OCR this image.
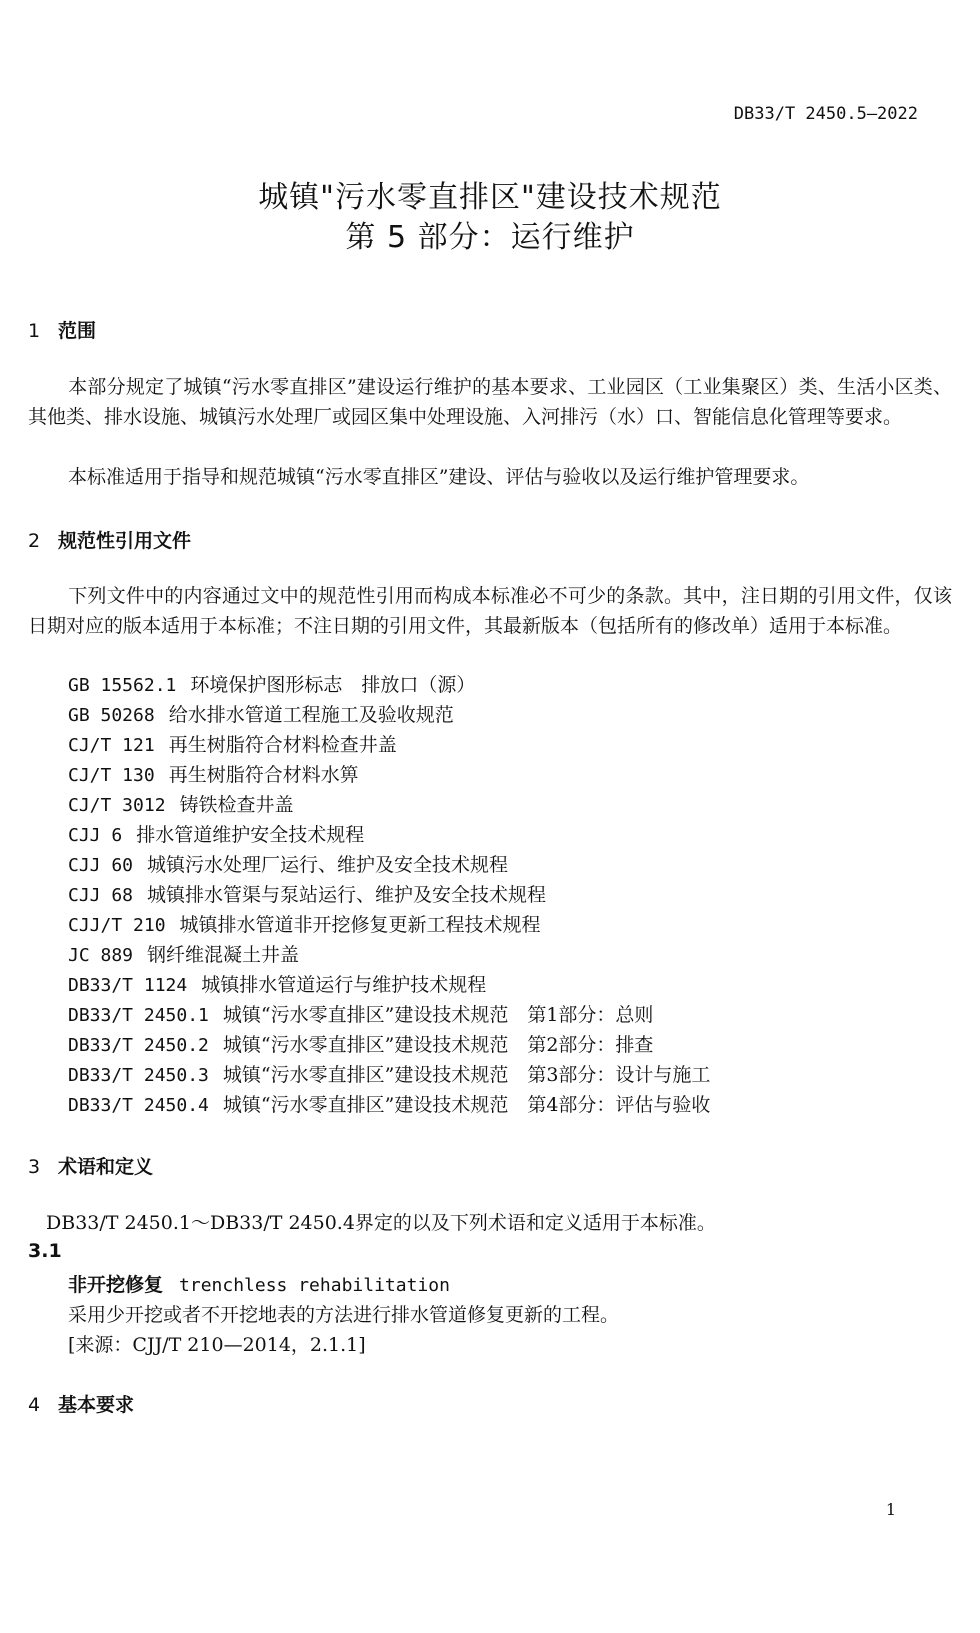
DB33/T 2450.5—2022
城镇"污水零直排区"建设技术规范
第 5 部分：运行维护
1 范围
本部分规定了城镇“污水零直排区”建设运行维护的基本要求、工业园区（工业集聚区）类、生活小区类、其他类、排水设施、城镇污水处理厂或园区集中处理设施、入河排污（水）口、智能信息化管理等要求。
本标准适用于指导和规范城镇“污水零直排区”建设、评估与验收以及运行维护管理要求。
2 规范性引用文件
下列文件中的内容通过文中的规范性引用而构成本标准必不可少的条款。其中，注日期的引用文件，仅该日期对应的版本适用于本标准；不注日期的引用文件，其最新版本（包括所有的修改单）适用于本标准。
GB 15562.1 环境保护图形标志　排放口（源）
GB 50268 给水排水管道工程施工及验收规范
CJ/T 121 再生树脂符合材料检查井盖
CJ/T 130 再生树脂符合材料水箅
CJ/T 3012 铸铁检查井盖
CJJ 6 排水管道维护安全技术规程
CJJ 60 城镇污水处理厂运行、维护及安全技术规程
CJJ 68 城镇排水管渠与泵站运行、维护及安全技术规程
CJJ/T 210 城镇排水管道非开挖修复更新工程技术规程
JC 889 钢纤维混凝土井盖
DB33/T 1124 城镇排水管道运行与维护技术规程
DB33/T 2450.1 城镇“污水零直排区”建设技术规范　第1部分：总则
DB33/T 2450.2 城镇“污水零直排区”建设技术规范　第2部分：排查
DB33/T 2450.3 城镇“污水零直排区”建设技术规范　第3部分：设计与施工
DB33/T 2450.4 城镇“污水零直排区”建设技术规范　第4部分：评估与验收
3 术语和定义
DB33/T 2450.1～DB33/T 2450.4界定的以及下列术语和定义适用于本标准。
3.1
非开挖修复 trenchless rehabilitation
采用少开挖或者不开挖地表的方法进行排水管道修复更新的工程。
[来源：CJJ/T 210—2014，2.1.1]
4 基本要求
1
